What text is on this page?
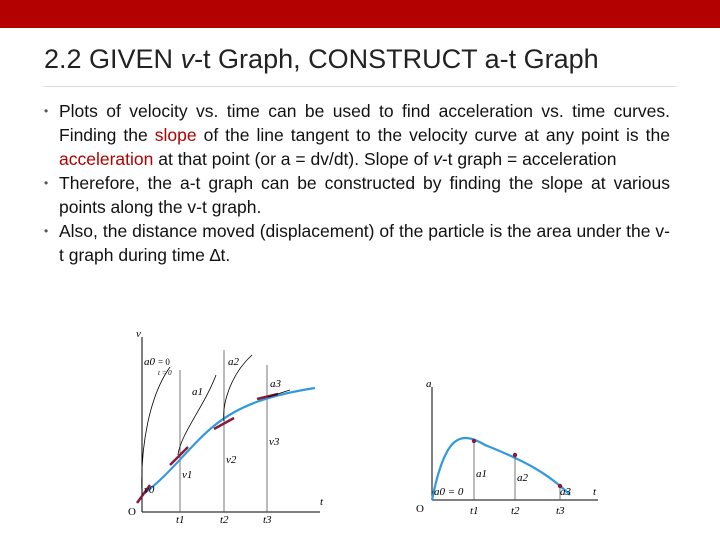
2.2 GIVEN v-t Graph, CONSTRUCT a-t Graph
• Plots of velocity vs. time can be used to find acceleration vs. time curves. Finding the slope of the line tangent to the velocity curve at any point is the acceleration at that point (or a = dv/dt). Slope of v-t graph = acceleration
• Therefore, the a-t graph can be constructed by finding the slope at various points along the v-t graph.
• Also, the distance moved (displacement) of the particle is the area under the v-t graph during time ∆t.
v
t
O
t1	t2	t3
v0
v1
v2
v3
a0
a1
a2
a3
= 0
t = 0
a
t
O	t1	t2	t3
a1	a2
a3
a0 = 0
